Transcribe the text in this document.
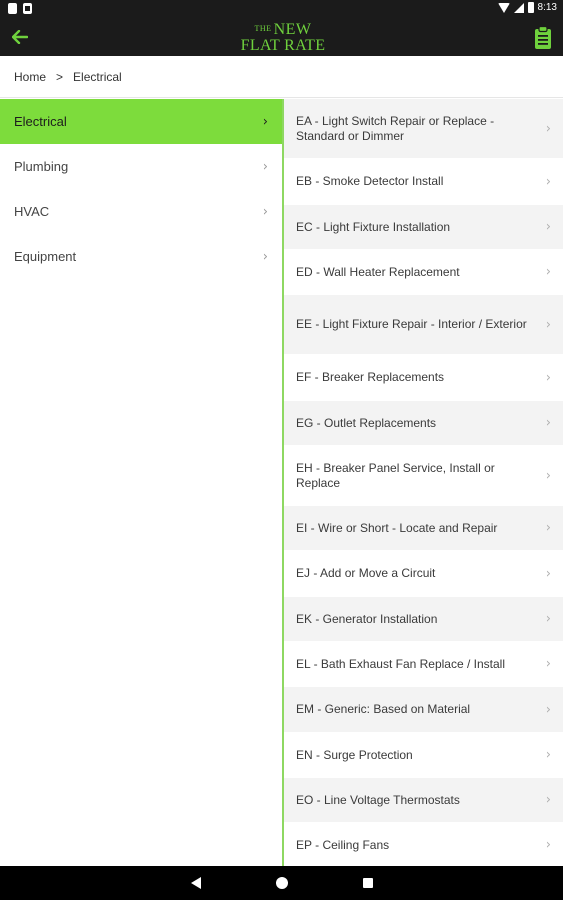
8:13
THE NEW
FLAT RATE
Home > Electrical
Electrical	›
Plumbing	›
HVAC	›
Equipment	›
EA - Light Switch Repair or Replace - Standard or Dimmer	›
EB - Smoke Detector Install	›
EC - Light Fixture Installation	›
ED - Wall Heater Replacement	›
EE - Light Fixture Repair - Interior / Exterior ›
EF - Breaker Replacements	›
EG - Outlet Replacements	›
EH - Breaker Panel Service, Install or Replace	›
EI - Wire or Short - Locate and Repair	›
EJ - Add or Move a Circuit	›
EK - Generator Installation	›
EL - Bath Exhaust Fan Replace / Install	›
EM - Generic: Based on Material	›
EN - Surge Protection	›
EO - Line Voltage Thermostats	›
EP - Ceiling Fans	›
